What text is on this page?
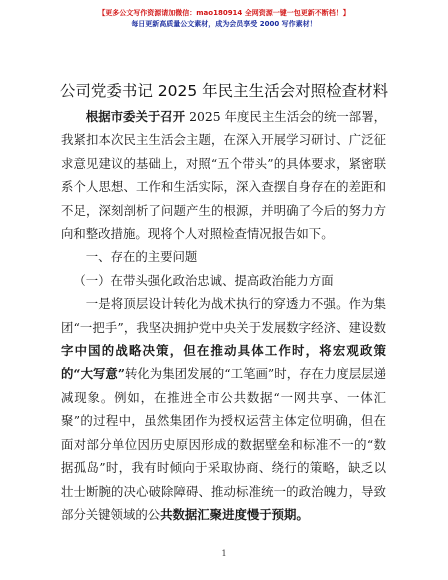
【更多公文写作资源请加微信：mao180914 全网资源一键一包更新不断档！】
每日更新高质量公文素材，成为会员享受 2000 写作素材！
公司党委书记 2025 年民主生活会对照检查材料

根据市委关于召开 2025 年度民主生活会的统一部署，我紧扣本次民主生活会主题，在深入开展学习研讨、广泛征求意见建议的基础上，对照“五个带头”的具体要求，紧密联系个人思想、工作和生活实际，深入查摆自身存在的差距和不足，深刻剖析了问题产生的根源，并明确了今后的努力方向和整改措施。现将个人对照检查情况报告如下。

一、存在的主要问题

（一）在带头强化政治忠诚、提高政治能力方面

一是将顶层设计转化为战术执行的穿透力不强。作为集团“一把手”，我坚决拥护党中央关于发展数字经济、建设数字中国的战略决策，但在推动具体工作时，将宏观政策的“大写意”转化为集团发展的“工笔画”时，存在力度层层递减现象。例如，在推进全市公共数据“一网共享、一体汇聚”的过程中，虽然集团作为授权运营主体定位明确，但在面对部分单位因历史原因形成的数据壁垒和标准不一的“数据孤岛”时，我有时倾向于采取协商、绕行的策略，缺乏以壮士断腕的决心破除障碍、推动标准统一的政治魄力，导致部分关键领域的公共数据汇聚进度慢于预期。

1
